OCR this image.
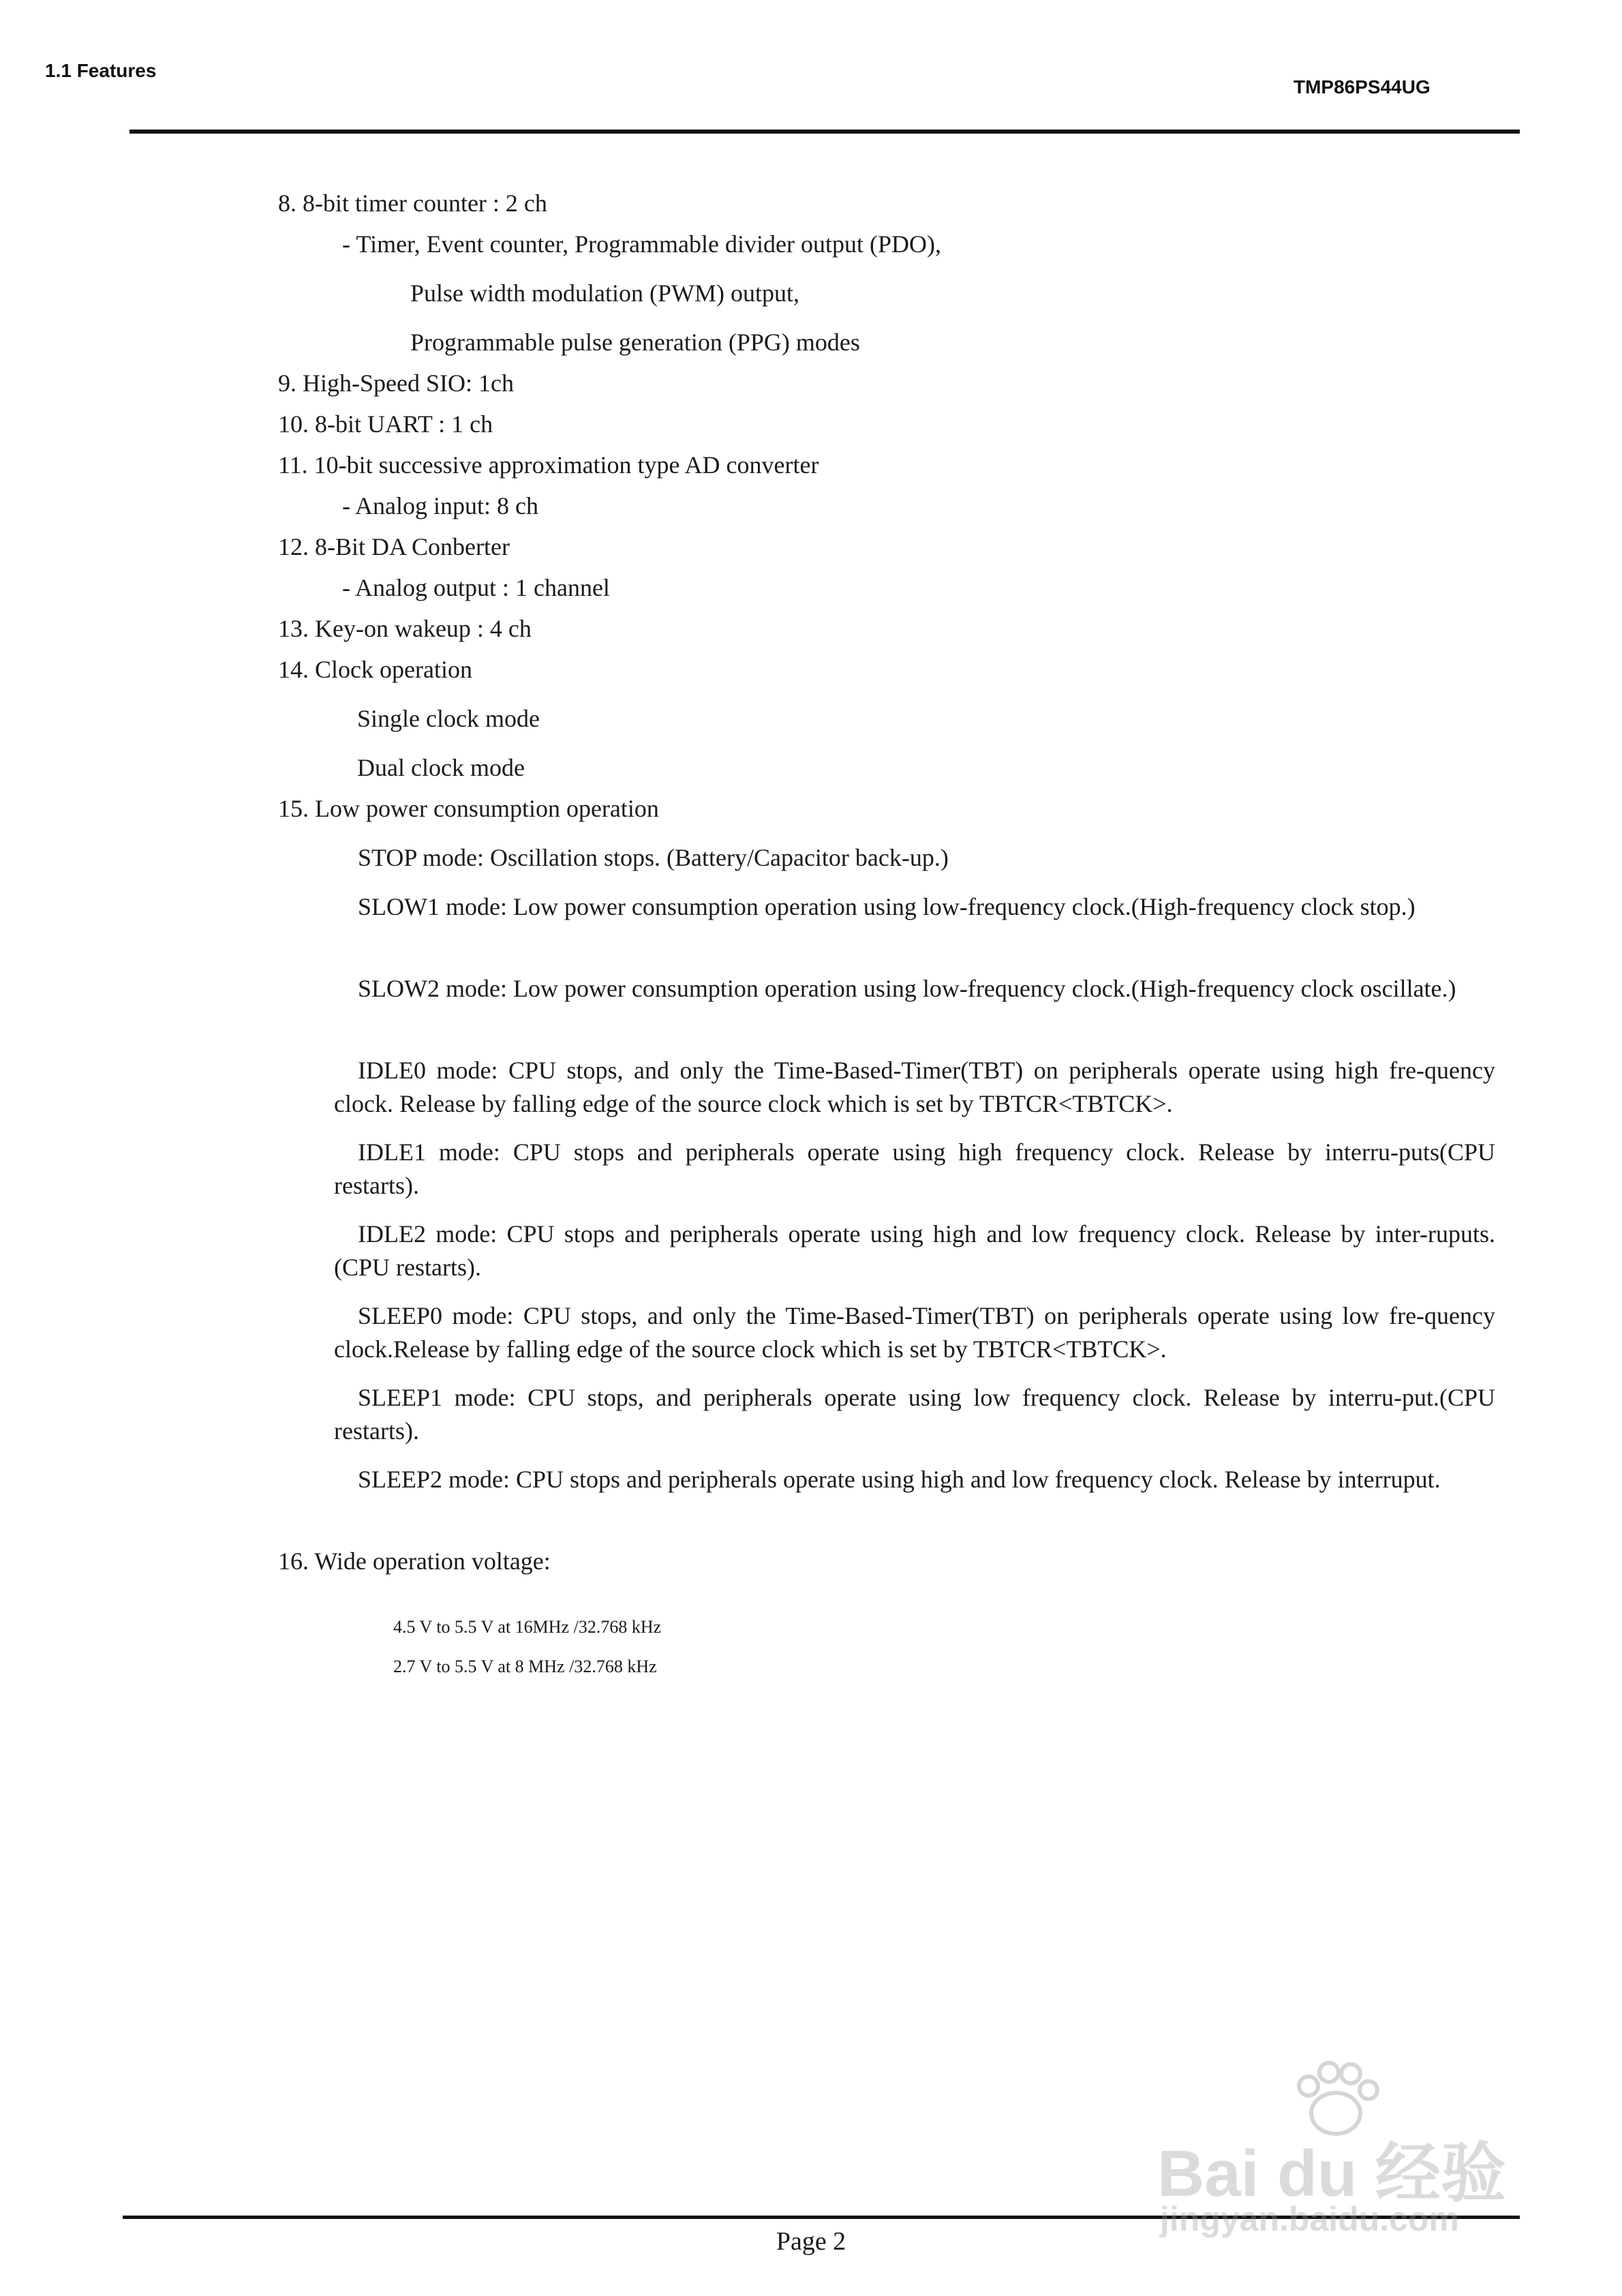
1.1 Features
TMP86PS44UG
8. 8-bit timer counter : 2 ch
- Timer, Event counter, Programmable divider output (PDO),
Pulse width modulation (PWM) output,
Programmable pulse generation (PPG) modes
9. High-Speed SIO: 1ch
10. 8-bit UART : 1 ch
11. 10-bit successive approximation type AD converter
- Analog input: 8 ch
12. 8-Bit DA Conberter
- Analog output : 1 channel
13. Key-on wakeup : 4 ch
14. Clock operation
Single clock mode
Dual clock mode
15. Low power consumption operation
STOP mode: Oscillation stops. (Battery/Capacitor back-up.)
SLOW1 mode: Low power consumption operation using low-frequency clock.(High-frequency clock stop.)
SLOW2 mode: Low power consumption operation using low-frequency clock.(High-frequency clock oscillate.)
IDLE0 mode: CPU stops, and only the Time-Based-Timer(TBT) on peripherals operate using high fre-quency clock. Release by falling edge of the source clock which is set by TBTCR<TBTCK>.
IDLE1 mode: CPU stops and peripherals operate using high frequency clock. Release by interru-puts(CPU restarts).
IDLE2 mode: CPU stops and peripherals operate using high and low frequency clock. Release by inter-ruputs. (CPU restarts).
SLEEP0 mode: CPU stops, and only the Time-Based-Timer(TBT) on peripherals operate using low fre-quency clock.Release by falling edge of the source clock which is set by TBTCR<TBTCK>.
SLEEP1 mode: CPU stops, and peripherals operate using low frequency clock. Release by interru-put.(CPU restarts).
SLEEP2 mode: CPU stops and peripherals operate using high and low frequency clock. Release by interruput.
16. Wide operation voltage:
4.5 V to 5.5 V at 16MHz /32.768 kHz
2.7 V to 5.5 V at 8 MHz /32.768 kHz
Page 2
Bai du 经验
jingyan.baidu.com
